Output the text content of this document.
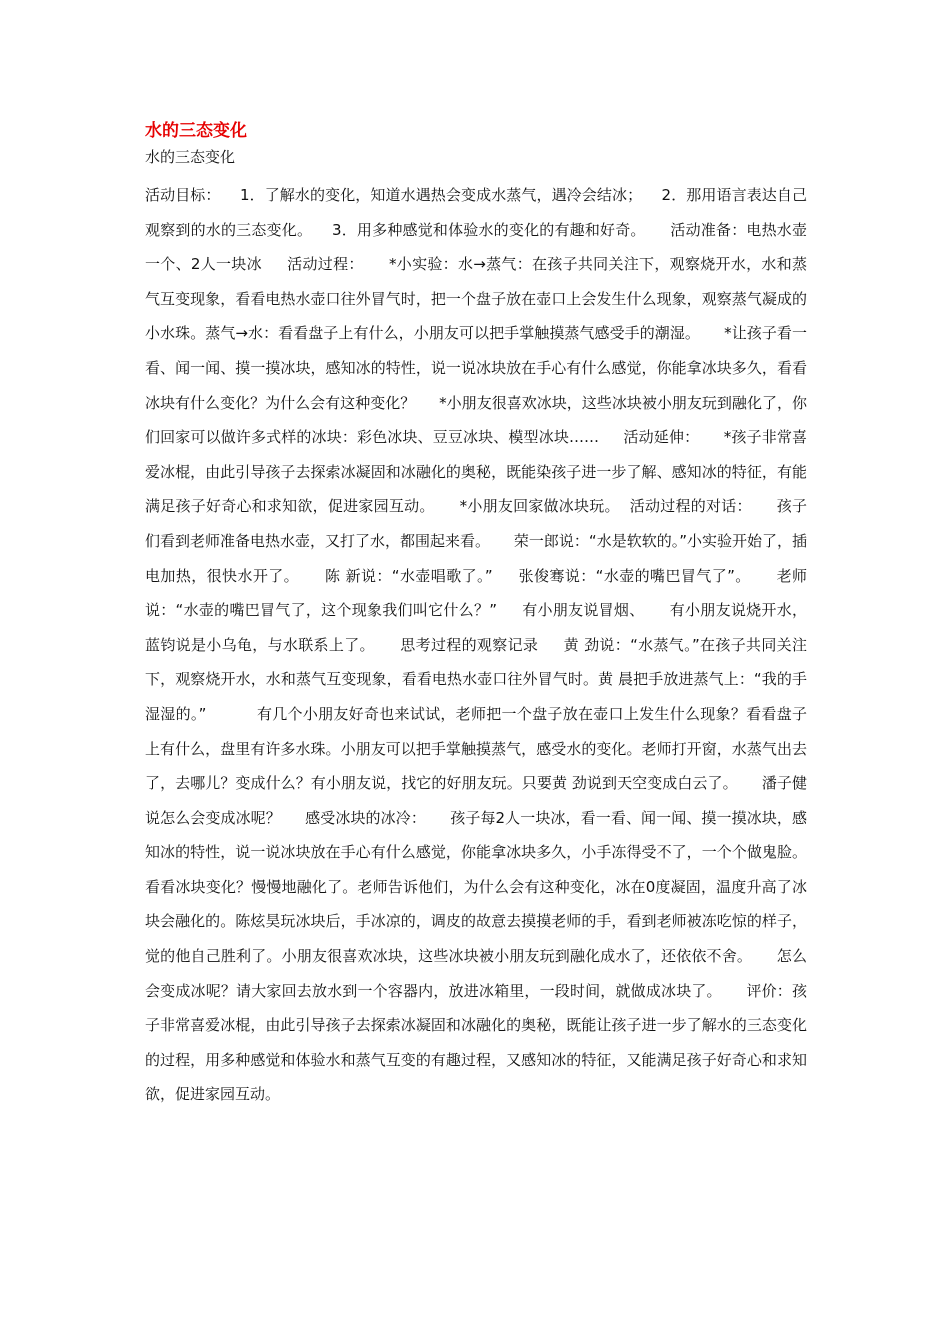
水的三态变化

水的三态变化

活动目标：    1．了解水的变化，知道水遇热会变成水蒸气，遇冷会结冰；    2．那用语言表达自己观察到的水的三态变化。    3．用多种感觉和体验水的变化的有趣和好奇。     活动准备：电热水壶一个、2人一块冰     活动过程：     *小实验：水→蒸气：在孩子共同关注下，观察烧开水，水和蒸气互变现象，看看电热水壶口往外冒气时，把一个盘子放在壶口上会发生什么现象，观察蒸气凝成的小水珠。蒸气→水：看看盘子上有什么，小朋友可以把手掌触摸蒸气感受手的潮湿。     *让孩子看一看、闻一闻、摸一摸冰块，感知冰的特性，说一说冰块放在手心有什么感觉，你能拿冰块多久，看看冰块有什么变化？为什么会有这种变化？     *小朋友很喜欢冰块，这些冰块被小朋友玩到融化了，你们回家可以做许多式样的冰块：彩色冰块、豆豆冰块、模型冰块……     活动延伸：     *孩子非常喜爱冰棍，由此引导孩子去探索冰凝固和冰融化的奥秘，既能染孩子进一步了解、感知冰的特征，有能满足孩子好奇心和求知欲，促进家园互动。     *小朋友回家做冰块玩。  活动过程的对话：     孩子们看到老师准备电热水壶，又打了水，都围起来看。     荣一郎说：“水是软软的。”小实验开始了，插电加热，很快水开了。     陈 新说：“水壶唱歌了。”     张俊骞说：“水壶的嘴巴冒气了”。     老师说：“水壶的嘴巴冒气了，这个现象我们叫它什么？”     有小朋友说冒烟、     有小朋友说烧开水，     蓝钧说是小乌龟，与水联系上了。     思考过程的观察记录     黄 劲说：“水蒸气。”在孩子共同关注下，观察烧开水，水和蒸气互变现象，看看电热水壶口往外冒气时。黄 晨把手放进蒸气上：“我的手湿湿的。”          有几个小朋友好奇也来试试，老师把一个盘子放在壶口上发生什么现象？看看盘子上有什么，盘里有许多水珠。小朋友可以把手掌触摸蒸气，感受水的变化。老师打开窗，水蒸气出去了，去哪儿？变成什么？有小朋友说，找它的好朋友玩。只要黄 劲说到天空变成白云了。     潘子健说怎么会变成冰呢？     感受冰块的冰冷：     孩子每2人一块冰，看一看、闻一闻、摸一摸冰块，感知冰的特性，说一说冰块放在手心有什么感觉，你能拿冰块多久，小手冻得受不了，一个个做鬼脸。     看看冰块变化？慢慢地融化了。老师告诉他们，为什么会有这种变化，冰在0度凝固，温度升高了冰块会融化的。陈炫昊玩冰块后，手冰凉的，调皮的故意去摸摸老师的手，看到老师被冻吃惊的样子，觉的他自己胜利了。小朋友很喜欢冰块，这些冰块被小朋友玩到融化成水了，还依依不舍。     怎么会变成冰呢？请大家回去放水到一个容器内，放进冰箱里，一段时间，就做成冰块了。     评价：孩子非常喜爱冰棍，由此引导孩子去探索冰凝固和冰融化的奥秘，既能让孩子进一步了解水的三态变化的过程，用多种感觉和体验水和蒸气互变的有趣过程，又感知冰的特征，又能满足孩子好奇心和求知欲，促进家园互动。
